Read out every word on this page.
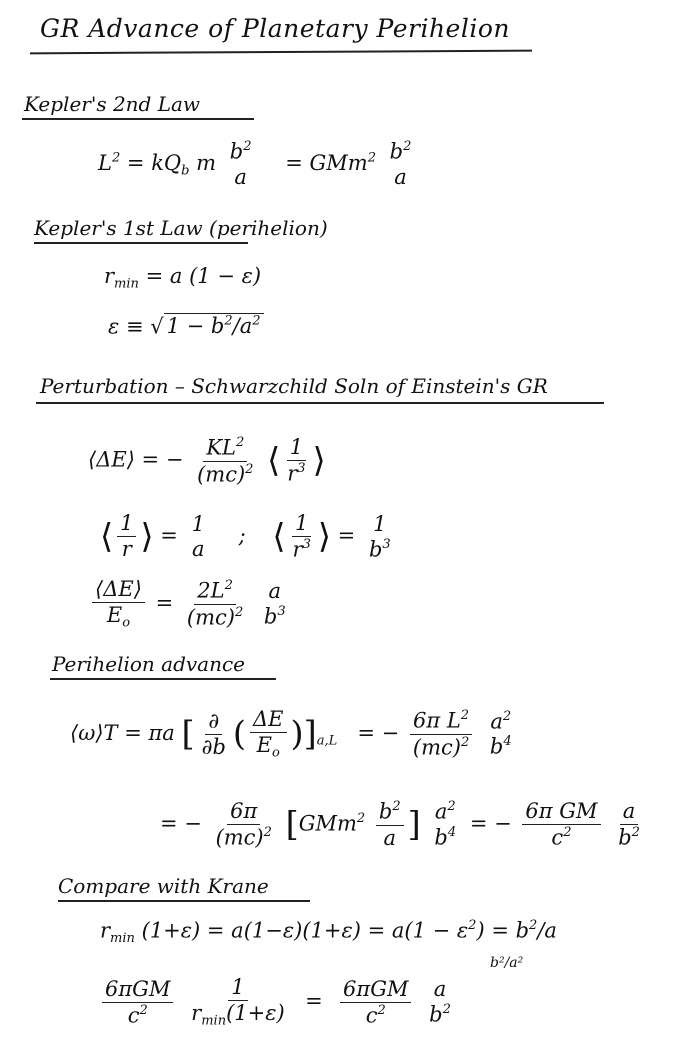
GR Advance of Planetary Perihelion
Kepler's 2nd Law
$L^2 = kQ_b$ m $b^2$
a
= GMm$^2$ $b^2$
a
Kepler's 1st Law (perihelion)
$r_{min} = a$ (1 − ε)
ε ≡ √ $1 - b^2/a^2$
Perturbation – Schwarzchild Soln of Einstein's GR
⟨ΔE⟩ = − $\frac{KL^2}{(mc)^2}$ ⟨ $\frac{1}{r^3}$ ⟩
⟨ $\frac{1}{r}$ ⟩ = 1
a
; ⟨ $\frac{1}{r^3}$ ⟩ = 1
$b^3$
$\frac{⟨\Delta E⟩}{E_o} = \frac{2L^2}{(mc)^2}$
a
$b^3$
Perihelion advance
⟨ω⟩T = πa [ $\frac{\partial}{\partial b}$ ( $\frac{\Delta E}{E_o} )]_{a,L}$ = − $\frac{6\pi L^2}{(mc)^2}$
$a^2$
$b^4$
= − $\frac{6\pi}{(mc)^2} [GMm^2 \frac{b^2}{a}$ ] $a^2$
$b^4$ = − $\frac{\text{6π GM}}{c^2}$
$\frac{a}{b^2}$
Compare with Krane
$r_{min}$ $(1+\varepsilon) = a(1-\varepsilon)(1+\varepsilon) = a(1 - \varepsilon^2) = b^2/a$
b²/a²
$\frac{\text{6πGM}}{c^2}$
$\frac{1}{r_{min}(1+\varepsilon)} = \frac{\text{6πGM}}{c^2}$
a
$b^2$
